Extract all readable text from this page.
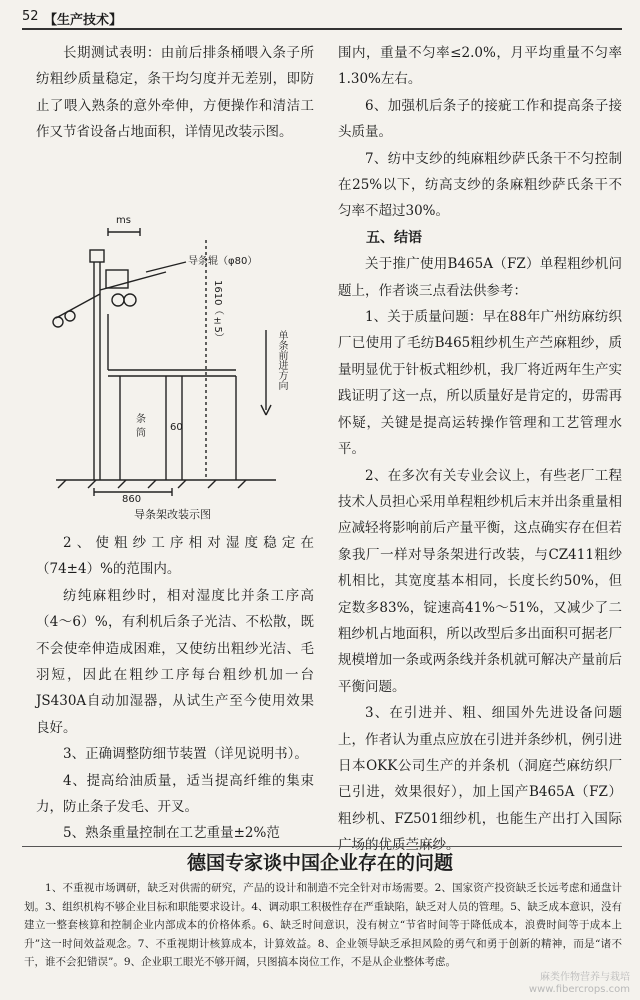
52 【生产技术】

长期测试表明：由前后排条桶喂入条子所纺粗纱质量稳定，条干均匀度并无差别，即防止了喂入熟条的意外牵伸，方便操作和清洁工作又节省设备占地面积，详情见改装示图。

ms
导条辊（φ80）
1610（±5）
单条前进方向
条
筒
60
860
导条架改装示图

2、使粗纱工序相对湿度稳定在（74±4）%的范围内。

纺纯麻粗纱时，相对湿度比并条工序高（4～6）%，有利机后条子光洁、不松散，既不会使牵伸造成困难，又使纺出粗纱光洁、毛羽短，因此在粗纱工序每台粗纱机加一台JS430A自动加湿器，从试生产至今使用效果良好。

3、正确调整防细节装置（详见说明书）。

4、提高给油质量，适当提高纤维的集束力，防止条子发毛、开叉。

5、熟条重量控制在工艺重量±2%范

围内，重量不匀率≤2.0%，月平均重量不匀率1.30%左右。

6、加强机后条子的接疵工作和提高条子接头质量。

7、纺中支纱的纯麻粗纱萨氏条干不匀控制在25%以下，纺高支纱的条麻粗纱萨氏条干不匀率不超过30%。

五、结语

关于推广使用B465A（FZ）单程粗纱机问题上，作者谈三点看法供参考：

1、关于质量问题：早在88年广州纺麻纺织厂已使用了毛纺B465粗纱机生产苎麻粗纱，质量明显优于针板式粗纱机，我厂将近两年生产实践证明了这一点，所以质量好是肯定的，毋需再怀疑，关键是提高运转操作管理和工艺管理水平。

2、在多次有关专业会议上，有些老厂工程技术人员担心采用单程粗纱机后末并出条重量相应减轻将影响前后产量平衡，这点确实存在但若象我厂一样对导条架进行改装，与CZ411粗纱机相比，其宽度基本相同，长度长约50%，但定数多83%，锭速高41%～51%，又减少了二粗纱机占地面积，所以改型后多出面积可据老厂规模增加一条或两条线并条机就可解决产量前后平衡问题。

3、在引进并、粗、细国外先进设备问题上，作者认为重点应放在引进并条纱机，例引进日本OKK公司生产的并条机（洞庭苎麻纺织厂已引进，效果很好），加上国产B465A（FZ）粗纱机、FZ501细纱机，也能生产出打入国际广场的优质苎麻纱。

德国专家谈中国企业存在的问题
1、不重视市场调研，缺乏对供需的研究，产品的设计和制造不完全针对市场需要。2、国家资产投资缺乏长远考虑和通盘计划。3、组织机构不够企业目标和职能要求设计。4、调动职工积极性存在严重缺陷，缺乏对人员的管理。5、缺乏成本意识，没有建立一整套核算和控制企业内部成本的价格体系。6、缺乏时间意识，没有树立“节省时间等于降低成本，浪费时间等于成本上升”这一时间效益观念。7、不重视期计核算成本，计算效益。8、企业领导缺乏承担风险的勇气和勇于创新的精神，而是“诸不干，谁不会犯错误”。9、企业职工眼光不够开阔，只图搞本岗位工作，不是从企业整体考虑。
麻类作物营养与栽培
www.fibercrops.com
